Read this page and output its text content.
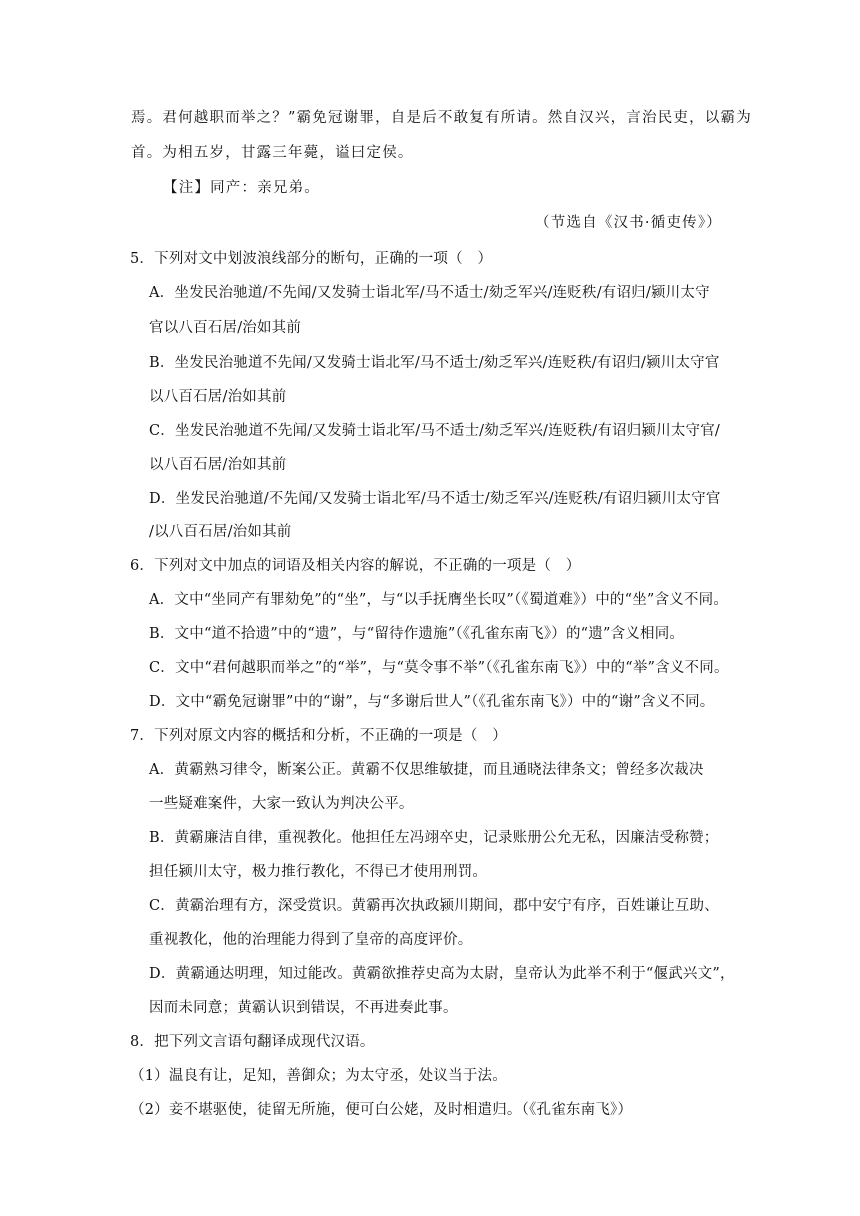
焉。君何越职而举之？”霸免冠谢罪，自是后不敢复有所请。然自汉兴，言治民吏，以霸为
首。为相五岁，甘露三年薨，谥曰定侯。
【注】同产：亲兄弟。
（节选自《汉书·循吏传》）
5．下列对文中划波浪线部分的断句，正确的一项（　）
A．坐发民治驰道/不先闻/又发骑士诣北军/马不适士/劾乏军兴/连贬秩/有诏归/颍川太守
官以八百石居/治如其前
B．坐发民治驰道不先闻/又发骑士诣北军/马不适士/劾乏军兴/连贬秩/有诏归/颍川太守官
以八百石居/治如其前
C．坐发民治驰道不先闻/又发骑士诣北军/马不适士/劾乏军兴/连贬秩/有诏归颍川太守官/
以八百石居/治如其前
D．坐发民治驰道/不先闻/又发骑士诣北军/马不适士/劾乏军兴/连贬秩/有诏归颍川太守官
/以八百石居/治如其前
6．下列对文中加点的词语及相关内容的解说，不正确的一项是（　）
A．文中“坐同产有罪劾免”的“坐”，与“以手抚膺坐长叹”（《蜀道难》）中的“坐”含义不同。
B．文中“道不拾遗”中的“遗”，与“留待作遗施”（《孔雀东南飞》）的“遗”含义相同。
C．文中“君何越职而举之”的“举”，与“莫令事不举”（《孔雀东南飞》）中的“举”含义不同。
D．文中“霸免冠谢罪”中的“谢”，与“多谢后世人”（《孔雀东南飞》）中的“谢”含义不同。
7．下列对原文内容的概括和分析，不正确的一项是（　）
A．黄霸熟习律令，断案公正。黄霸不仅思维敏捷，而且通晓法律条文；曾经多次裁决
一些疑难案件，大家一致认为判决公平。
B．黄霸廉洁自律，重视教化。他担任左冯翊卒史，记录账册公允无私，因廉洁受称赞；
担任颍川太守，极力推行教化，不得已才使用刑罚。
C．黄霸治理有方，深受赏识。黄霸再次执政颍川期间，郡中安宁有序，百姓谦让互助、
重视教化，他的治理能力得到了皇帝的高度评价。
D．黄霸通达明理，知过能改。黄霸欲推荐史高为太尉，皇帝认为此举不利于“偃武兴文”，
因而未同意；黄霸认识到错误，不再进奏此事。
8．把下列文言语句翻译成现代汉语。
（1）温良有让，足知，善御众；为太守丞，处议当于法。
（2）妾不堪驱使，徒留无所施，便可白公姥，及时相遣归。（《孔雀东南飞》）
